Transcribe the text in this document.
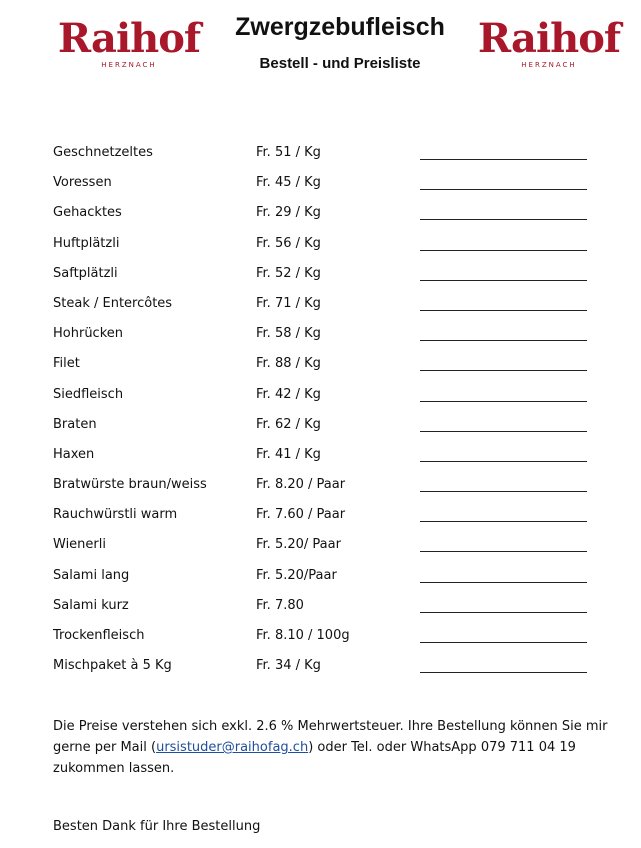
Raihof
HERZNACH
Zwergzebufleisch
Bestell - und Preisliste
Raihof
HERZNACH
Geschnetzeltes	Fr. 51 / Kg
Voressen	Fr. 45 / Kg
Gehacktes	Fr. 29 / Kg
Huftplätzli	Fr. 56 / Kg
Saftplätzli	Fr. 52 / Kg
Steak / Entercôtes	Fr. 71 / Kg
Hohrücken	Fr. 58 / Kg
Filet	Fr. 88 / Kg
Siedfleisch	Fr. 42 / Kg
Braten	Fr. 62 / Kg
Haxen	Fr. 41 / Kg
Bratwürste braun/weiss	Fr. 8.20 / Paar
Rauchwürstli warm	Fr. 7.60 / Paar
Wienerli	Fr. 5.20/ Paar
Salami lang	Fr. 5.20/Paar
Salami kurz	Fr. 7.80
Trockenfleisch	Fr. 8.10 / 100g
Mischpaket à 5 Kg	Fr. 34 / Kg
Die Preise verstehen sich exkl. 2.6 % Mehrwertsteuer. Ihre Bestellung können Sie mir gerne per Mail (ursistuder@raihofag.ch) oder Tel. oder WhatsApp 079 711 04 19 zukommen lassen.
Besten Dank für Ihre Bestellung
